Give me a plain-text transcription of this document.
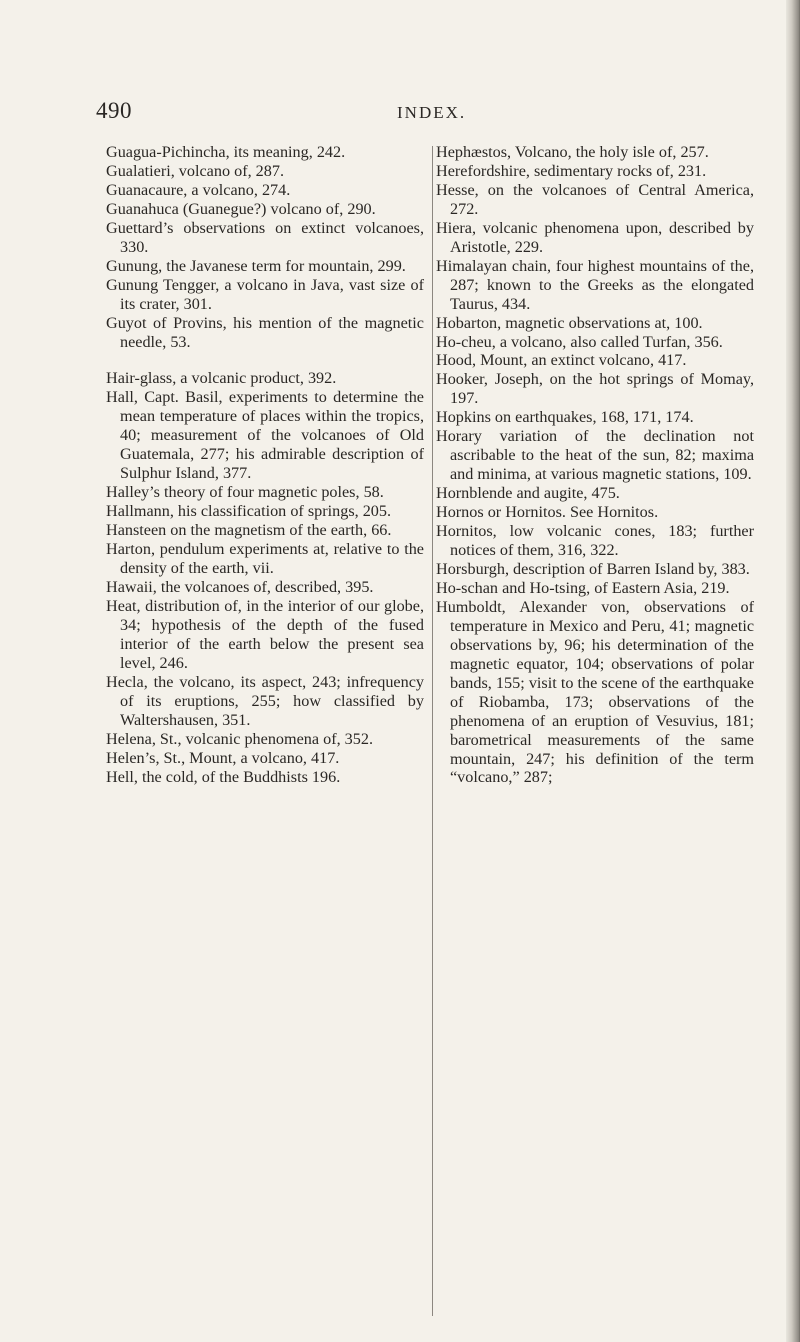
490	INDEX.

Guagua-Pichincha, its meaning, 242.

Gualatieri, volcano of, 287.

Guanacaure, a volcano, 274.

Guanahuca (Guanegue?) volcano of, 290.

Guettard’s observations on extinct volcanoes, 330.

Gunung, the Javanese term for mountain, 299.

Gunung Tengger, a volcano in Java, vast size of its crater, 301.

Guyot of Provins, his mention of the magnetic needle, 53.

Hair-glass, a volcanic product, 392.

Hall, Capt. Basil, experiments to determine the mean temperature of places within the tropics, 40; measurement of the volcanoes of Old Guatemala, 277; his admirable description of Sulphur Island, 377.

Halley’s theory of four magnetic poles, 58.

Hallmann, his classification of springs, 205.

Hansteen on the magnetism of the earth, 66.

Harton, pendulum experiments at, relative to the density of the earth, vii.

Hawaii, the volcanoes of, described, 395.

Heat, distribution of, in the interior of our globe, 34; hypothesis of the depth of the fused interior of the earth below the present sea level, 246.

Hecla, the volcano, its aspect, 243; infrequency of its eruptions, 255; how classified by Waltershausen, 351.

Helena, St., volcanic phenomena of, 352.

Helen’s, St., Mount, a volcano, 417.

Hell, the cold, of the Buddhists 196.

Hephæstos, Volcano, the holy isle of, 257.

Herefordshire, sedimentary rocks of, 231.

Hesse, on the volcanoes of Central America, 272.

Hiera, volcanic phenomena upon, described by Aristotle, 229.

Himalayan chain, four highest mountains of the, 287; known to the Greeks as the elongated Taurus, 434.

Hobarton, magnetic observations at, 100.

Ho-cheu, a volcano, also called Turfan, 356.

Hood, Mount, an extinct volcano, 417.

Hooker, Joseph, on the hot springs of Momay, 197.

Hopkins on earthquakes, 168, 171, 174.

Horary variation of the declination not ascribable to the heat of the sun, 82; maxima and minima, at various magnetic stations, 109.

Hornblende and augite, 475.

Hornos or Hornitos. See Hornitos.

Hornitos, low volcanic cones, 183; further notices of them, 316, 322.

Horsburgh, description of Barren Island by, 383.

Ho-schan and Ho-tsing, of Eastern Asia, 219.

Humboldt, Alexander von, observations of temperature in Mexico and Peru, 41; magnetic observations by, 96; his determination of the magnetic equator, 104; observations of polar bands, 155; visit to the scene of the earthquake of Riobamba, 173; observations of the phenomena of an eruption of Vesuvius, 181; barometrical measurements of the same mountain, 247; his definition of the term “volcano,” 287;
